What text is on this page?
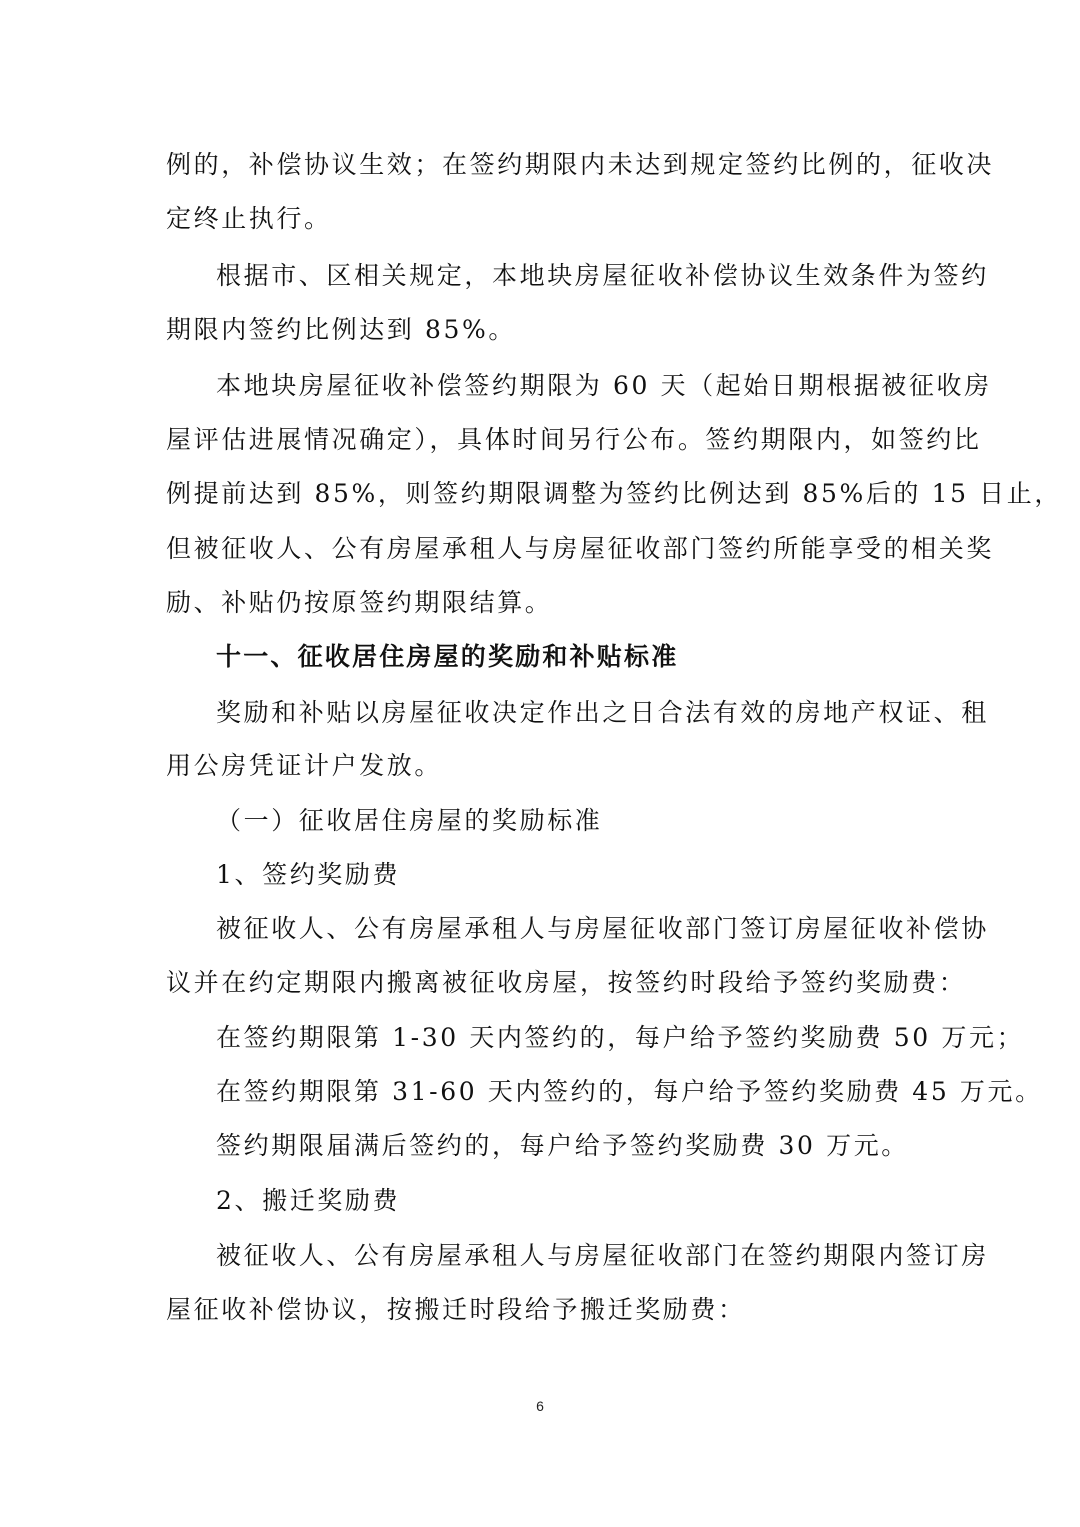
例的，补偿协议生效；在签约期限内未达到规定签约比例的，征收决
定终止执行。
根据市、区相关规定，本地块房屋征收补偿协议生效条件为签约
期限内签约比例达到 85%。
本地块房屋征收补偿签约期限为 60 天（起始日期根据被征收房
屋评估进展情况确定），具体时间另行公布。签约期限内，如签约比
例提前达到 85%，则签约期限调整为签约比例达到 85%后的 15 日止，
但被征收人、公有房屋承租人与房屋征收部门签约所能享受的相关奖
励、补贴仍按原签约期限结算。
十一、征收居住房屋的奖励和补贴标准
奖励和补贴以房屋征收决定作出之日合法有效的房地产权证、租
用公房凭证计户发放。
（一）征收居住房屋的奖励标准
1、签约奖励费
被征收人、公有房屋承租人与房屋征收部门签订房屋征收补偿协
议并在约定期限内搬离被征收房屋，按签约时段给予签约奖励费：
在签约期限第 1-30 天内签约的，每户给予签约奖励费 50 万元；
在签约期限第 31-60 天内签约的，每户给予签约奖励费 45 万元。
签约期限届满后签约的，每户给予签约奖励费 30 万元。
2、搬迁奖励费
被征收人、公有房屋承租人与房屋征收部门在签约期限内签订房
屋征收补偿协议，按搬迁时段给予搬迁奖励费：
6
